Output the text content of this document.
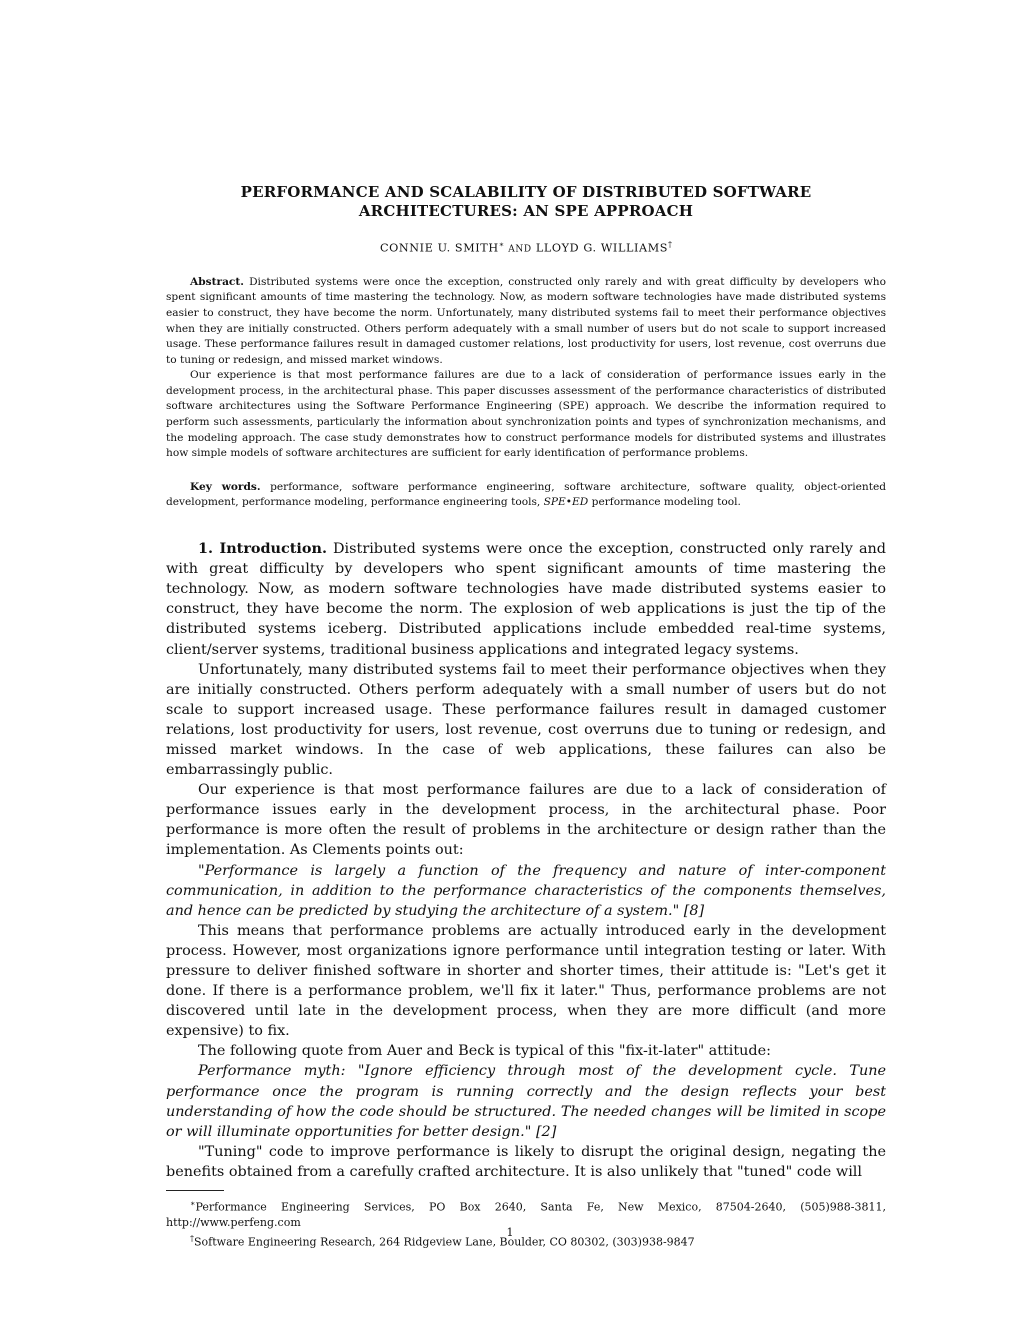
PERFORMANCE AND SCALABILITY OF DISTRIBUTED SOFTWARE
ARCHITECTURES: AN SPE APPROACH
CONNIE U. SMITH∗ AND LLOYD G. WILLIAMS†

Abstract. Distributed systems were once the exception, constructed only rarely and with great difficulty by developers who spent significant amounts of time mastering the technology. Now, as modern software technologies have made distributed systems easier to construct, they have become the norm. Unfortunately, many distributed systems fail to meet their performance objectives when they are initially constructed. Others perform adequately with a small number of users but do not scale to support increased usage. These performance failures result in damaged customer relations, lost productivity for users, lost revenue, cost overruns due to tuning or redesign, and missed market windows.

Our experience is that most performance failures are due to a lack of consideration of performance issues early in the development process, in the architectural phase. This paper discusses assessment of the performance characteristics of distributed software architectures using the Software Performance Engineering (SPE) approach. We describe the information required to perform such assessments, particularly the information about synchronization points and types of synchronization mechanisms, and the modeling approach. The case study demonstrates how to construct performance models for distributed systems and illustrates how simple models of software architectures are sufficient for early identification of performance problems.

Key words. performance, software performance engineering, software architecture, software quality, object-oriented development, performance modeling, performance engineering tools, SPE•ED performance modeling tool.

1. Introduction. Distributed systems were once the exception, constructed only rarely and with great difficulty by developers who spent significant amounts of time mastering the technology. Now, as modern software technologies have made distributed systems easier to construct, they have become the norm. The explosion of web applications is just the tip of the distributed systems iceberg. Distributed applications include embedded real-time systems, client/server systems, traditional business applications and integrated legacy systems.

Unfortunately, many distributed systems fail to meet their performance objectives when they are initially constructed. Others perform adequately with a small number of users but do not scale to support increased usage. These performance failures result in damaged customer relations, lost productivity for users, lost revenue, cost overruns due to tuning or redesign, and missed market windows. In the case of web applications, these failures can also be embarrassingly public.

Our experience is that most performance failures are due to a lack of consideration of performance issues early in the development process, in the architectural phase. Poor performance is more often the result of problems in the architecture or design rather than the implementation. As Clements points out:

"Performance is largely a function of the frequency and nature of inter-component communication, in addition to the performance characteristics of the components themselves, and hence can be predicted by studying the architecture of a system." [8]

This means that performance problems are actually introduced early in the development process. However, most organizations ignore performance until integration testing or later. With pressure to deliver finished software in shorter and shorter times, their attitude is: "Let's get it done. If there is a performance problem, we'll fix it later." Thus, performance problems are not discovered until late in the development process, when they are more difficult (and more expensive) to fix.

The following quote from Auer and Beck is typical of this "fix-it-later" attitude:

Performance myth: "Ignore efficiency through most of the development cycle. Tune performance once the program is running correctly and the design reflects your best understanding of how the code should be structured. The needed changes will be limited in scope or will illuminate opportunities for better design." [2]

"Tuning" code to improve performance is likely to disrupt the original design, negating the benefits obtained from a carefully crafted architecture. It is also unlikely that "tuned" code will

∗Performance Engineering Services, PO Box 2640, Santa Fe, New Mexico, 87504-2640, (505)988-3811, http://www.perfeng.com

†Software Engineering Research, 264 Ridgeview Lane, Boulder, CO 80302, (303)938-9847

1
